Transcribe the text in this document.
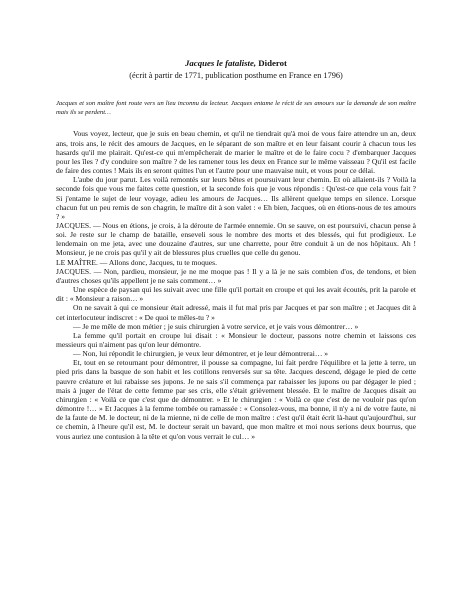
Jacques le fataliste, Diderot

(écrit à partir de 1771, publication posthume en France en 1796)

Jacques et son maître font route vers un lieu inconnu du lecteur. Jacques entame le récit de ses amours sur la demande de son maître mais ils se perdent…

Vous voyez, lecteur, que je suis en beau chemin, et qu'il ne tiendrait qu'à moi de vous faire attendre un an, deux ans, trois ans, le récit des amours de Jacques, en le séparant de son maître et en leur faisant courir à chacun tous les hasards qu'il me plairait. Qu'est-ce qui m'empêcherait de marier le maître et de le faire cocu ? d'embarquer Jacques pour les îles ? d'y conduire son maître ? de les ramener tous les deux en France sur le même vaisseau ? Qu'il est facile de faire des contes ! Mais ils en seront quittes l'un et l'autre pour une mauvaise nuit, et vous pour ce délai.

L'aube du jour parut. Les voilà remontés sur leurs bêtes et poursuivant leur chemin. Et où allaient-ils ? Voilà la seconde fois que vous me faites cette question, et la seconde fois que je vous répondis : Qu'est-ce que cela vous fait ? Si j'entame le sujet de leur voyage, adieu les amours de Jacques… Ils allèrent quelque temps en silence. Lorsque chacun fut un peu remis de son chagrin, le maître dit à son valet : « Eh bien, Jacques, où en étions-nous de tes amours ? »

JACQUES. — Nous en étions, je crois, à la déroute de l'armée ennemie. On se sauve, on est poursuivi, chacun pense à soi. Je reste sur le champ de bataille, enseveli sous le nombre des morts et des blessés, qui fut prodigieux. Le lendemain on me jeta, avec une douzaine d'autres, sur une charrette, pour être conduit à un de nos hôpitaux. Ah ! Monsieur, je ne crois pas qu'il y ait de blessures plus cruelles que celle du genou.

LE MAÎTRE. — Allons donc, Jacques, tu te moques.

JACQUES. — Non, pardieu, monsieur, je ne me moque pas ! Il y a là je ne sais combien d'os, de tendons, et bien d'autres choses qu'ils appellent je ne sais comment… »

Une espèce de paysan qui les suivait avec une fille qu'il portait en croupe et qui les avait écoutés, prit la parole et dit : « Monsieur a raison… »

On ne savait à qui ce monsieur était adressé, mais il fut mal pris par Jacques et par son maître ; et Jacques dit à cet interlocuteur indiscret : « De quoi te mêles-tu ? »

— Je me mêle de mon métier ; je suis chirurgien à votre service, et je vais vous démontrer… »

La femme qu'il portait en croupe lui disait : « Monsieur le docteur, passons notre chemin et laissons ces messieurs qui n'aiment pas qu'on leur démontre.

— Non, lui répondit le chirurgien, je veux leur démontrer, et je leur démontrerai… »

Et, tout en se retournant pour démontrer, il pousse sa compagne, lui fait perdre l'équilibre et la jette à terre, un pied pris dans la basque de son habit et les cotillons renversés sur sa tête. Jacques descend, dégage le pied de cette pauvre créature et lui rabaisse ses jupons. Je ne sais s'il commença par rabaisser les jupons ou par dégager le pied ; mais à juger de l'état de cette femme par ses cris, elle s'était grièvement blessée. Et le maître de Jacques disait au chirurgien : « Voilà ce que c'est que de démontrer. » Et le chirurgien : « Voilà ce que c'est de ne vouloir pas qu'on démontre !… » Et Jacques à la femme tombée ou ramassée : « Consolez-vous, ma bonne, il n'y a ni de votre faute, ni de la faute de M. le docteur, ni de la mienne, ni de celle de mon maître : c'est qu'il était écrit là-haut qu'aujourd'hui, sur ce chemin, à l'heure qu'il est, M. le docteur serait un bavard, que mon maître et moi nous serions deux bourrus, que vous auriez une contusion à la tête et qu'on vous verrait le cul… »
